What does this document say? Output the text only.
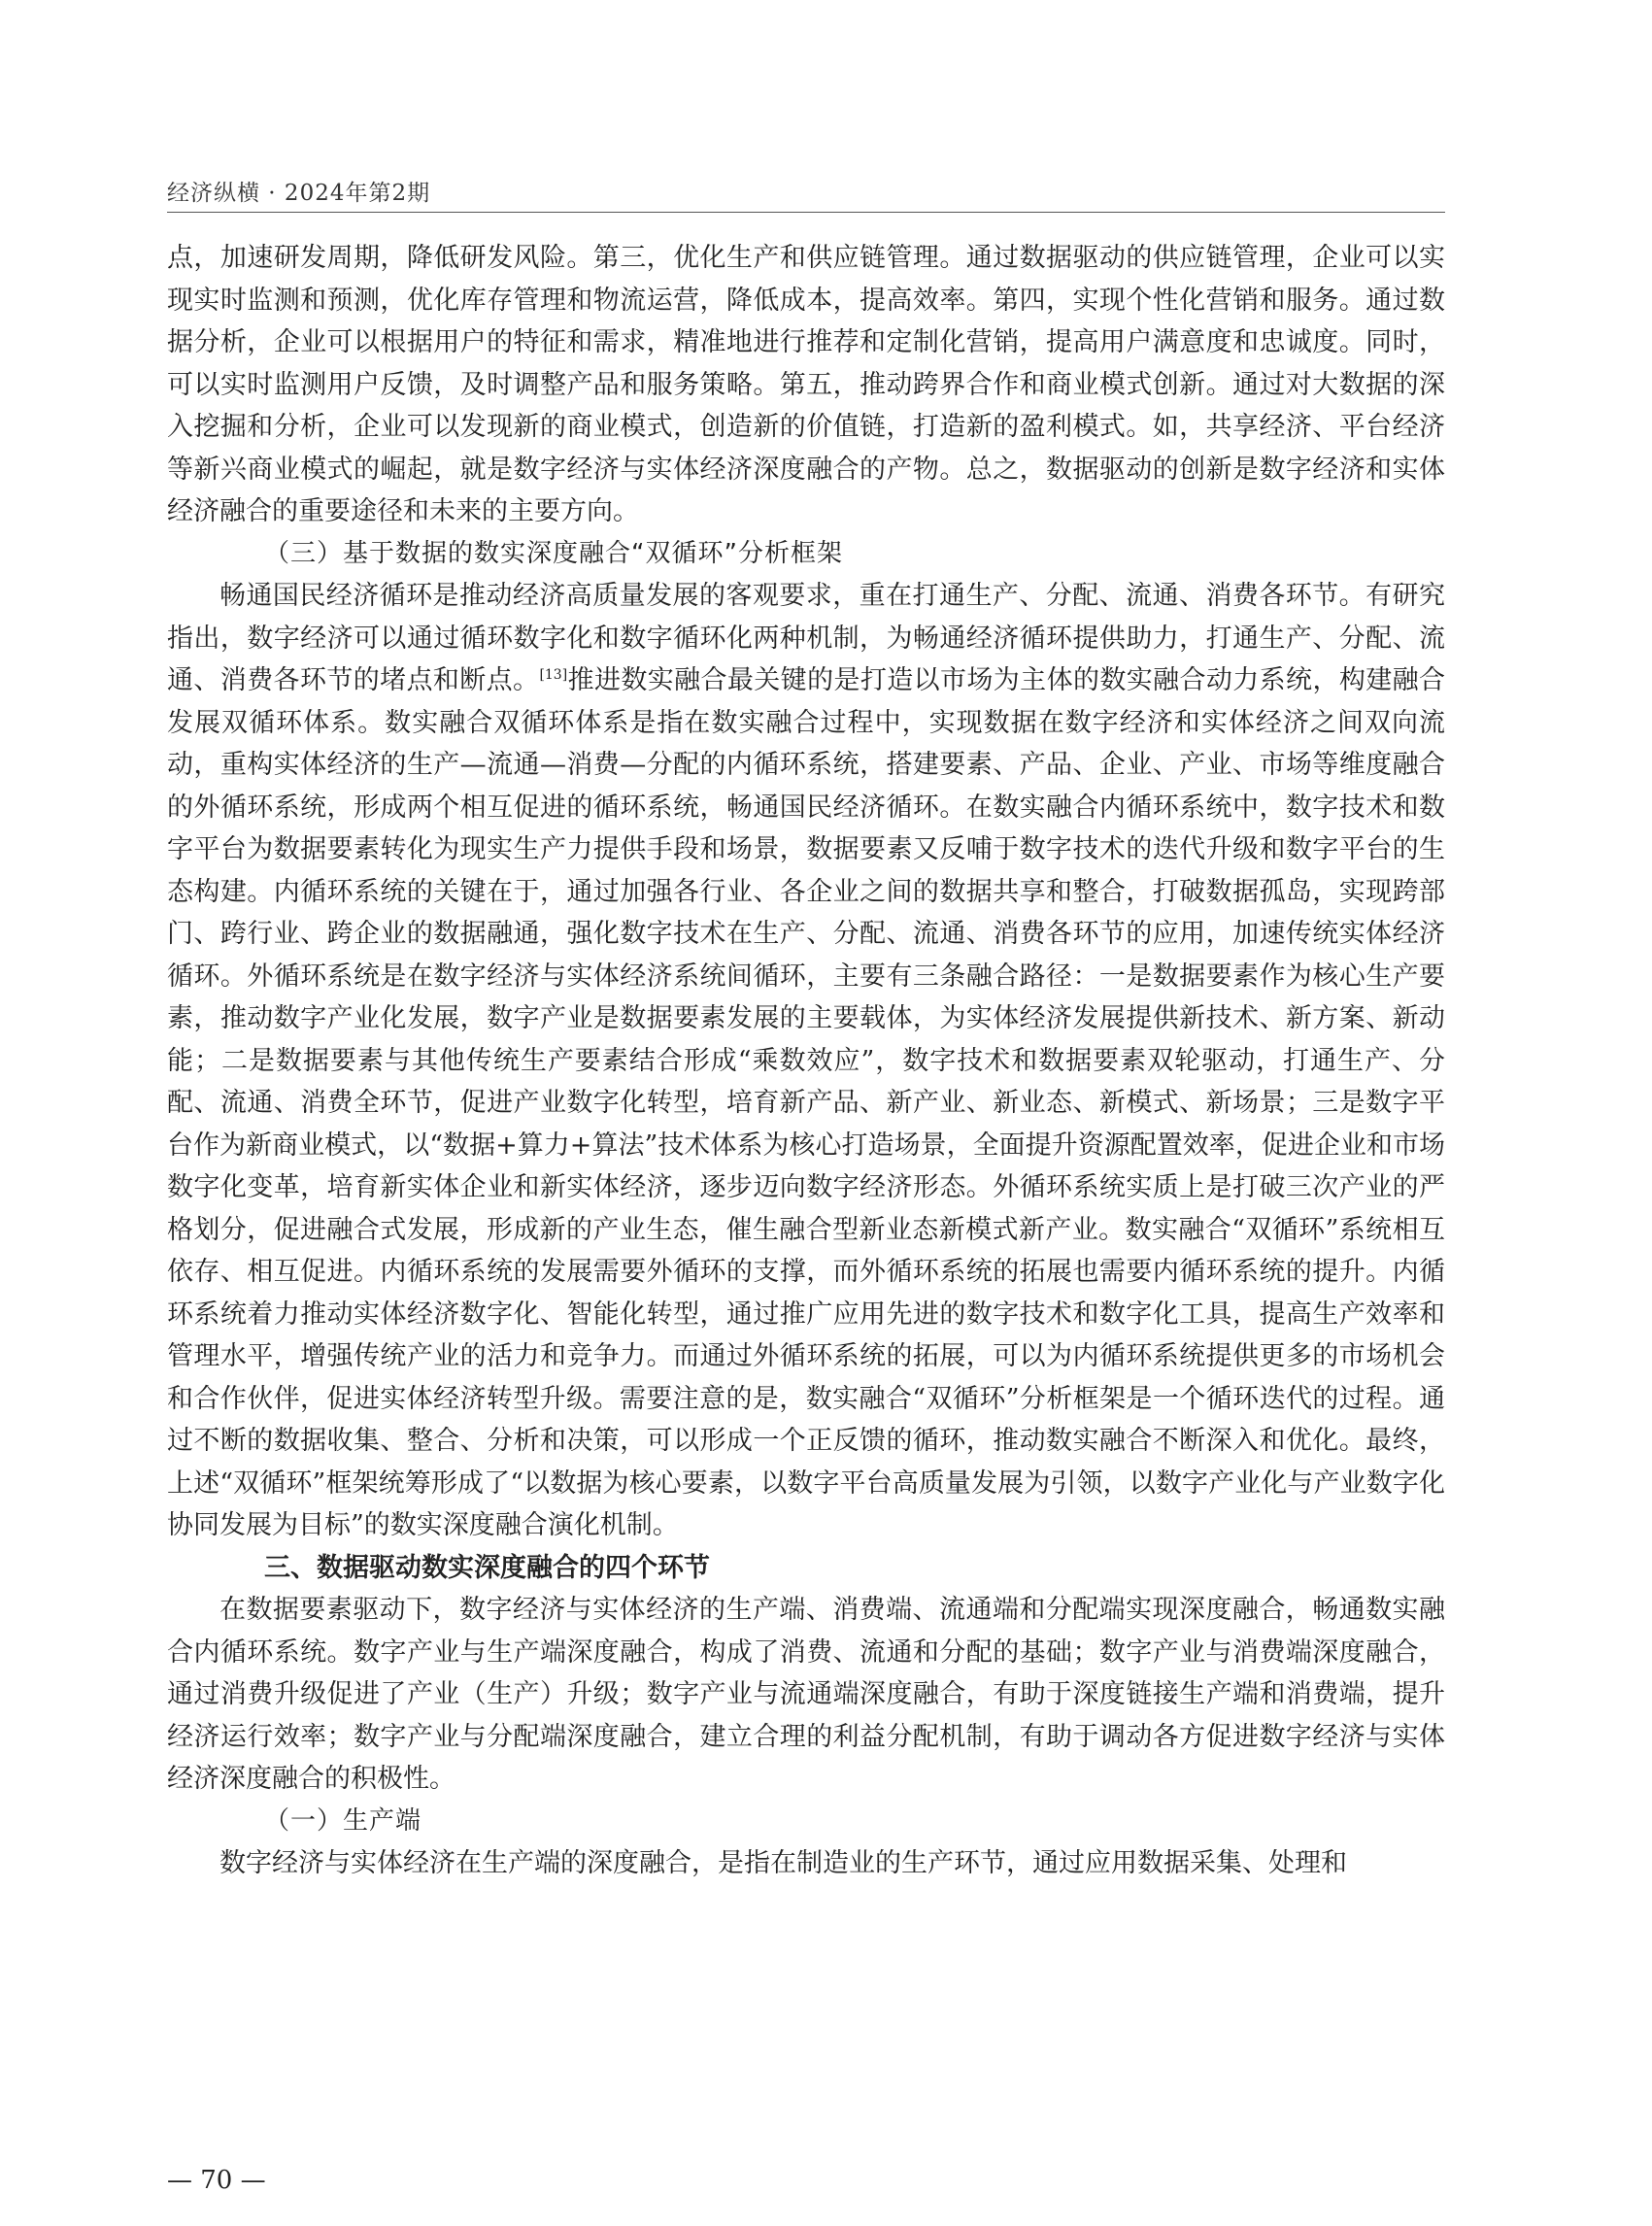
经济纵横 · 2024年第2期

点，加速研发周期，降低研发风险。第三，优化生产和供应链管理。通过数据驱动的供应链管理，企业可以实现实时监测和预测，优化库存管理和物流运营，降低成本，提高效率。第四，实现个性化营销和服务。通过数据分析，企业可以根据用户的特征和需求，精准地进行推荐和定制化营销，提高用户满意度和忠诚度。同时，可以实时监测用户反馈，及时调整产品和服务策略。第五，推动跨界合作和商业模式创新。通过对大数据的深入挖掘和分析，企业可以发现新的商业模式，创造新的价值链，打造新的盈利模式。如，共享经济、平台经济等新兴商业模式的崛起，就是数字经济与实体经济深度融合的产物。总之，数据驱动的创新是数字经济和实体经济融合的重要途径和未来的主要方向。

（三）基于数据的数实深度融合“双循环”分析框架

畅通国民经济循环是推动经济高质量发展的客观要求，重在打通生产、分配、流通、消费各环节。有研究指出，数字经济可以通过循环数字化和数字循环化两种机制，为畅通经济循环提供助力，打通生产、分配、流通、消费各环节的堵点和断点。[13]推进数实融合最关键的是打造以市场为主体的数实融合动力系统，构建融合发展双循环体系。数实融合双循环体系是指在数实融合过程中，实现数据在数字经济和实体经济之间双向流动，重构实体经济的生产—流通—消费—分配的内循环系统，搭建要素、产品、企业、产业、市场等维度融合的外循环系统，形成两个相互促进的循环系统，畅通国民经济循环。在数实融合内循环系统中，数字技术和数字平台为数据要素转化为现实生产力提供手段和场景，数据要素又反哺于数字技术的迭代升级和数字平台的生态构建。内循环系统的关键在于，通过加强各行业、各企业之间的数据共享和整合，打破数据孤岛，实现跨部门、跨行业、跨企业的数据融通，强化数字技术在生产、分配、流通、消费各环节的应用，加速传统实体经济循环。外循环系统是在数字经济与实体经济系统间循环，主要有三条融合路径：一是数据要素作为核心生产要素，推动数字产业化发展，数字产业是数据要素发展的主要载体，为实体经济发展提供新技术、新方案、新动能；二是数据要素与其他传统生产要素结合形成“乘数效应”，数字技术和数据要素双轮驱动，打通生产、分配、流通、消费全环节，促进产业数字化转型，培育新产品、新产业、新业态、新模式、新场景；三是数字平台作为新商业模式，以“数据+算力+算法”技术体系为核心打造场景，全面提升资源配置效率，促进企业和市场数字化变革，培育新实体企业和新实体经济，逐步迈向数字经济形态。外循环系统实质上是打破三次产业的严格划分，促进融合式发展，形成新的产业生态，催生融合型新业态新模式新产业。数实融合“双循环”系统相互依存、相互促进。内循环系统的发展需要外循环的支撑，而外循环系统的拓展也需要内循环系统的提升。内循环系统着力推动实体经济数字化、智能化转型，通过推广应用先进的数字技术和数字化工具，提高生产效率和管理水平，增强传统产业的活力和竞争力。而通过外循环系统的拓展，可以为内循环系统提供更多的市场机会和合作伙伴，促进实体经济转型升级。需要注意的是，数实融合“双循环”分析框架是一个循环迭代的过程。通过不断的数据收集、整合、分析和决策，可以形成一个正反馈的循环，推动数实融合不断深入和优化。最终，上述“双循环”框架统筹形成了“以数据为核心要素，以数字平台高质量发展为引领，以数字产业化与产业数字化协同发展为目标”的数实深度融合演化机制。

三、数据驱动数实深度融合的四个环节

在数据要素驱动下，数字经济与实体经济的生产端、消费端、流通端和分配端实现深度融合，畅通数实融合内循环系统。数字产业与生产端深度融合，构成了消费、流通和分配的基础；数字产业与消费端深度融合，通过消费升级促进了产业（生产）升级；数字产业与流通端深度融合，有助于深度链接生产端和消费端，提升经济运行效率；数字产业与分配端深度融合，建立合理的利益分配机制，有助于调动各方促进数字经济与实体经济深度融合的积极性。

（一）生产端

数字经济与实体经济在生产端的深度融合，是指在制造业的生产环节，通过应用数据采集、处理和

— 70 —
